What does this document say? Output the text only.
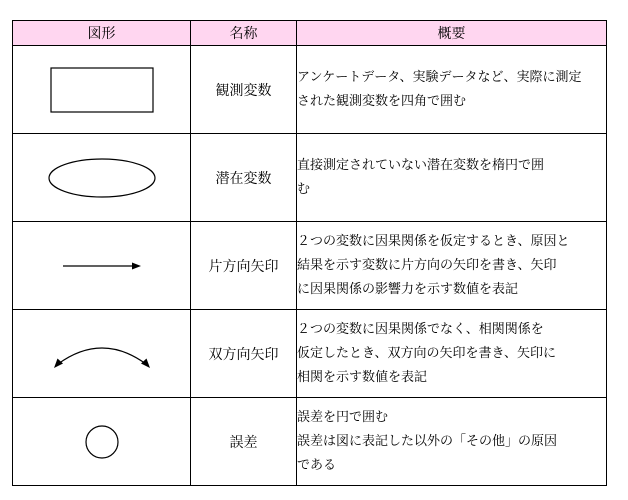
図形	名称	概要

	観測変数	アンケートデータ、実験データなど、実際に測定
された観測変数を四角で囲む

	潜在変数	直接測定されていない潜在変数を楕円で囲
む

	片方向矢印	２つの変数に因果関係を仮定するとき、原因と
結果を示す変数に片方向の矢印を書き、矢印
に因果関係の影響力を示す数値を表記

	双方向矢印	２つの変数に因果関係でなく、相関関係を
仮定したとき、双方向の矢印を書き、矢印に
相関を示す数値を表記

	誤差	誤差を円で囲む
誤差は図に表記した以外の「その他」の原因
である
